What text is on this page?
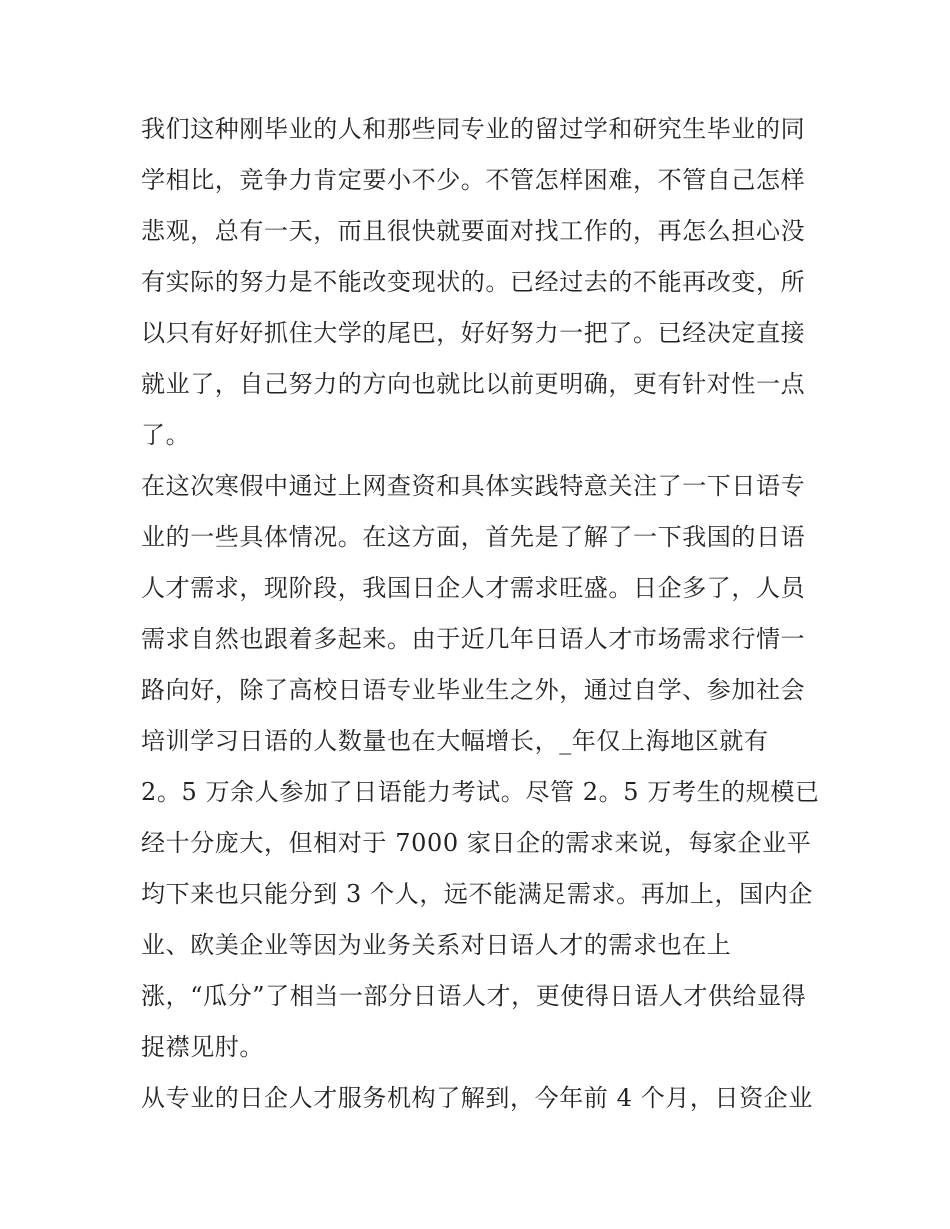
我们这种刚毕业的人和那些同专业的留过学和研究生毕业的同
学相比，竞争力肯定要小不少。不管怎样困难，不管自己怎样
悲观，总有一天，而且很快就要面对找工作的，再怎么担心没
有实际的努力是不能改变现状的。已经过去的不能再改变，所
以只有好好抓住大学的尾巴，好好努力一把了。已经决定直接
就业了，自己努力的方向也就比以前更明确，更有针对性一点
了。
在这次寒假中通过上网查资和具体实践特意关注了一下日语专
业的一些具体情况。在这方面，首先是了解了一下我国的日语
人才需求，现阶段，我国日企人才需求旺盛。日企多了，人员
需求自然也跟着多起来。由于近几年日语人才市场需求行情一
路向好，除了高校日语专业毕业生之外，通过自学、参加社会
培训学习日语的人数量也在大幅增长，_年仅上海地区就有
2。5 万余人参加了日语能力考试。尽管 2。5 万考生的规模已
经十分庞大，但相对于 7000 家日企的需求来说，每家企业平
均下来也只能分到 3 个人，远不能满足需求。再加上，国内企
业、欧美企业等因为业务关系对日语人才的需求也在上
涨，“瓜分”了相当一部分日语人才，更使得日语人才供给显得
捉襟见肘。
从专业的日企人才服务机构了解到，今年前 4 个月，日资企业
